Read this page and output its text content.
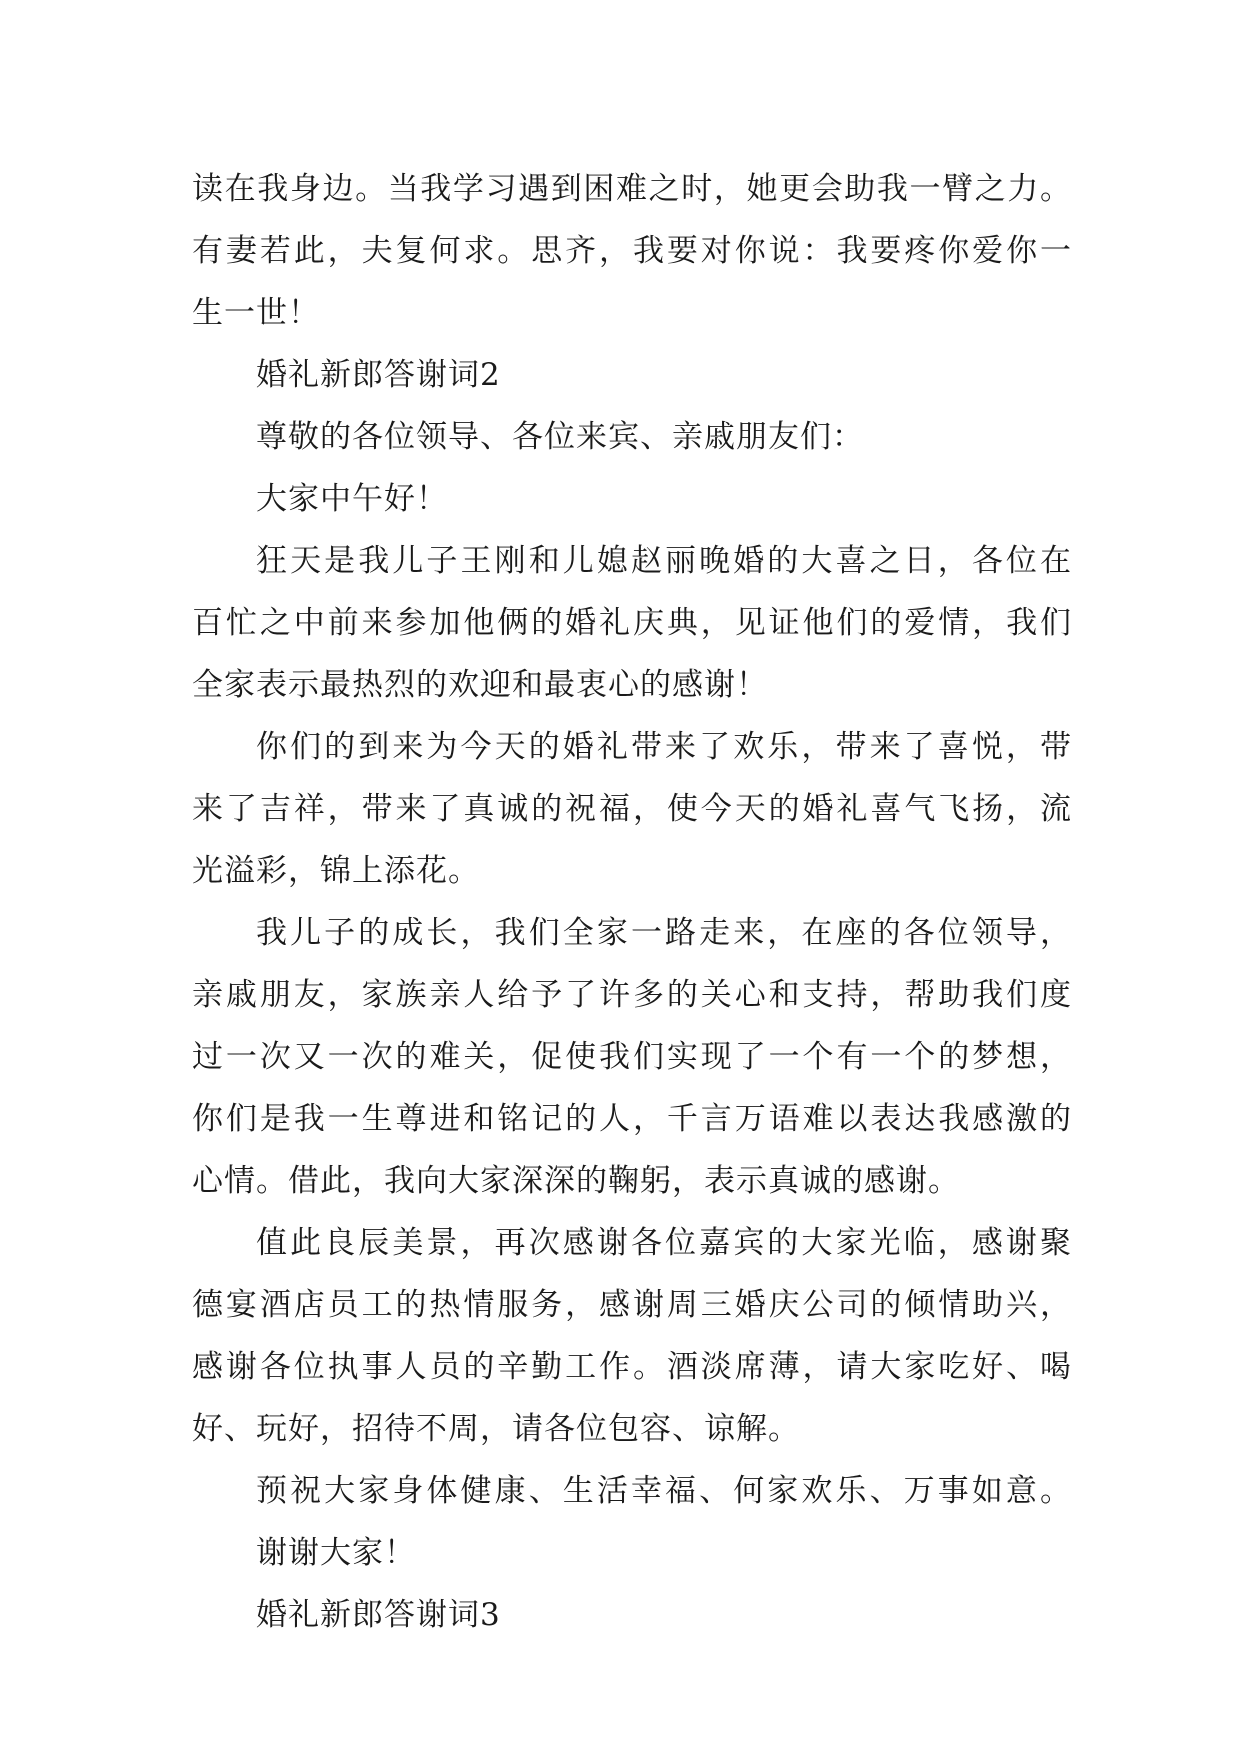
读在我身边。当我学习遇到困难之时，她更会助我一臂之力。
有妻若此，夫复何求。思齐，我要对你说：我要疼你爱你一
生一世！
婚礼新郎答谢词2
尊敬的各位领导、各位来宾、亲戚朋友们：
大家中午好！
狂天是我儿子王刚和儿媳赵丽晚婚的大喜之日，各位在
百忙之中前来参加他俩的婚礼庆典，见证他们的爱情，我们
全家表示最热烈的欢迎和最衷心的感谢！
你们的到来为今天的婚礼带来了欢乐，带来了喜悦，带
来了吉祥，带来了真诚的祝福，使今天的婚礼喜气飞扬，流
光溢彩，锦上添花。
我儿子的成长，我们全家一路走来，在座的各位领导，
亲戚朋友，家族亲人给予了许多的关心和支持，帮助我们度
过一次又一次的难关，促使我们实现了一个有一个的梦想，
你们是我一生尊进和铭记的人，千言万语难以表达我感激的
心情。借此，我向大家深深的鞠躬，表示真诚的感谢。
值此良辰美景，再次感谢各位嘉宾的大家光临，感谢聚
德宴酒店员工的热情服务，感谢周三婚庆公司的倾情助兴，
感谢各位执事人员的辛勤工作。酒淡席薄，请大家吃好、喝
好、玩好，招待不周，请各位包容、谅解。
预祝大家身体健康、生活幸福、何家欢乐、万事如意。
谢谢大家！
婚礼新郎答谢词3
